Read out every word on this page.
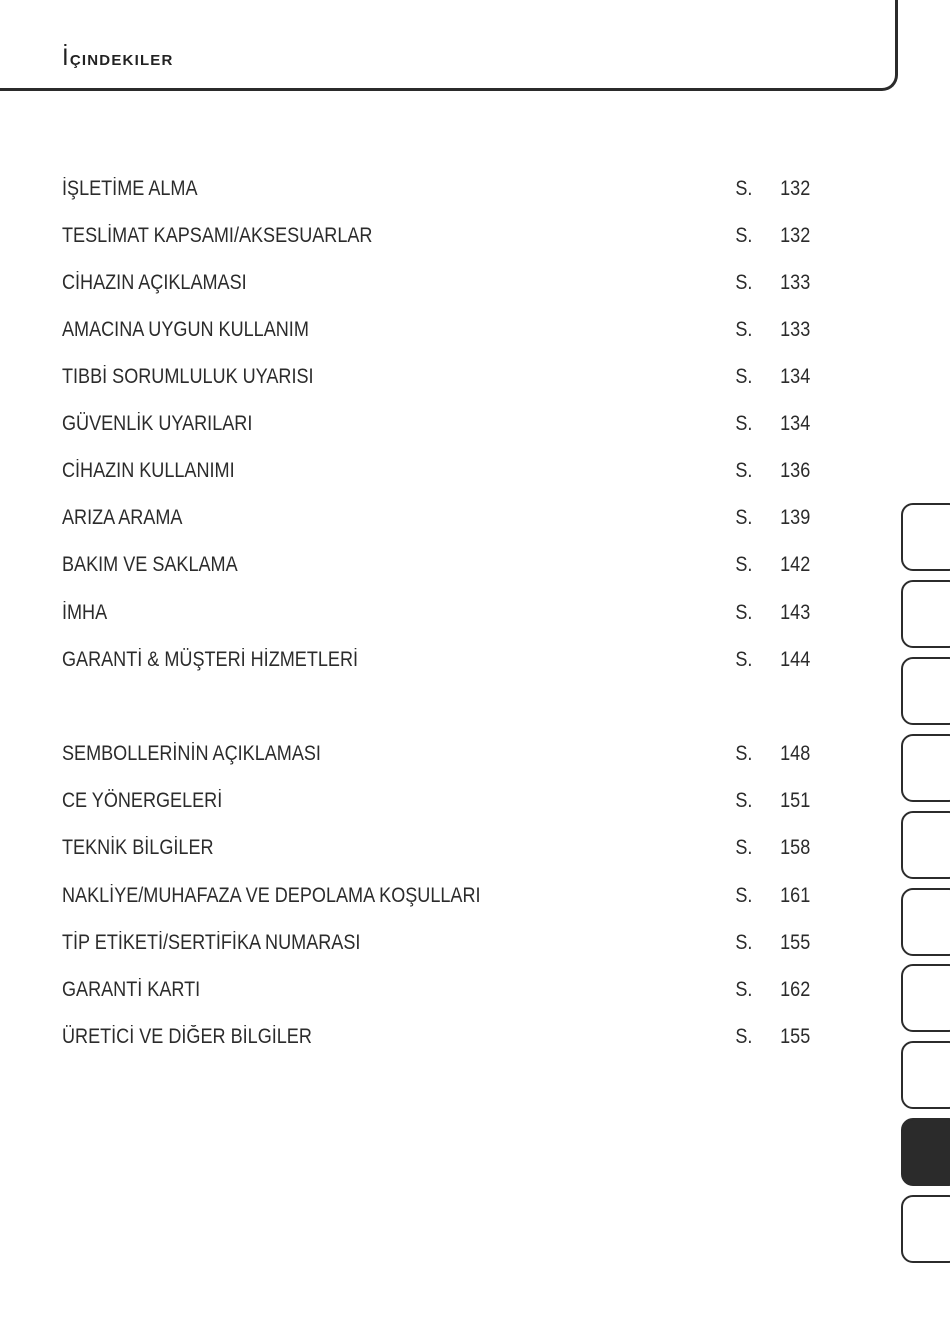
İÇINDEKILER
İŞLETİME ALMA	S. 132
TESLİMAT KAPSAMI/AKSESUARLAR	S. 132
CİHAZIN AÇIKLAMASI	S. 133
AMACINA UYGUN KULLANIM	S. 133
TIBBİ SORUMLULUK UYARISI	S. 134
GÜVENLİK UYARILARI	S. 134
CİHAZIN KULLANIMI	S. 136
ARIZA ARAMA	S. 139
BAKIM VE SAKLAMA	S. 142
İMHA	S. 143
GARANTİ & MÜŞTERİ HİZMETLERİ	S. 144
SEMBOLLERİNİN AÇIKLAMASI	S. 148
CE YÖNERGELERİ	S. 151
TEKNİK BİLGİLER	S. 158
NAKLİYE/MUHAFAZA VE DEPOLAMA KOŞULLARI	S. 161
TİP ETİKETİ/SERTİFİKA NUMARASI	S. 155
GARANTİ KARTI	S. 162
ÜRETİCİ VE DİĞER BİLGİLER	S. 155
